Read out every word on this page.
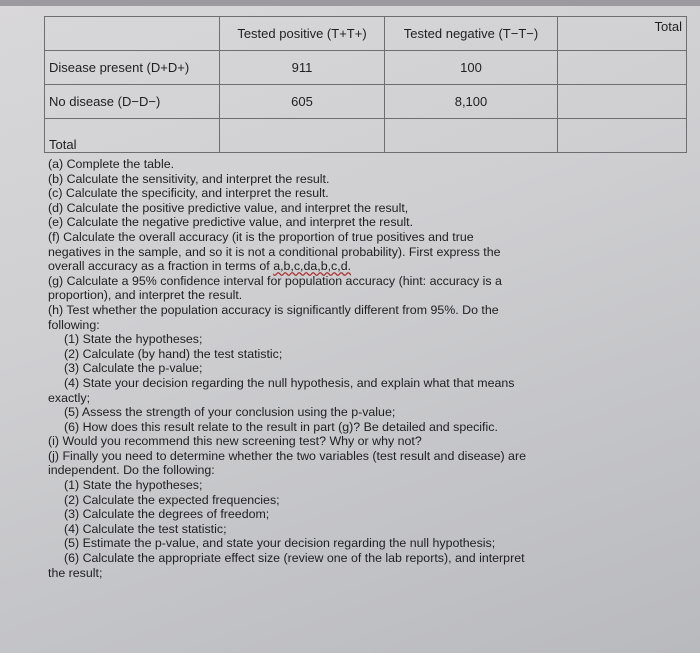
	Tested positive (T+T+)	Tested negative (T−T−)	Total
Disease present (D+D+)	911	100	
No disease (D−D−)	605	8,100	
Total			

(a) Complete the table.

(b) Calculate the sensitivity, and interpret the result.

(c) Calculate the specificity, and interpret the result.

(d) Calculate the positive predictive value, and interpret the result,

(e) Calculate the negative predictive value, and interpret the result.

(f) Calculate the overall accuracy (it is the proportion of true positives and true

negatives in the sample, and so it is not a conditional probability). First express the

overall accuracy as a fraction in terms of a,b,c,da,b,c,d.

(g) Calculate a 95% confidence interval for population accuracy (hint: accuracy is a

proportion), and interpret the result.

(h) Test whether the population accuracy is significantly different from 95%. Do the

following:

(1) State the hypotheses;

(2) Calculate (by hand) the test statistic;

(3) Calculate the p-value;

(4) State your decision regarding the null hypothesis, and explain what that means

exactly;

(5) Assess the strength of your conclusion using the p-value;

(6) How does this result relate to the result in part (g)? Be detailed and specific.

(i) Would you recommend this new screening test? Why or why not?

(j) Finally you need to determine whether the two variables (test result and disease) are

independent. Do the following:

(1) State the hypotheses;

(2) Calculate the expected frequencies;

(3) Calculate the degrees of freedom;

(4) Calculate the test statistic;

(5) Estimate the p-value, and state your decision regarding the null hypothesis;

(6) Calculate the appropriate effect size (review one of the lab reports), and interpret

the result;
